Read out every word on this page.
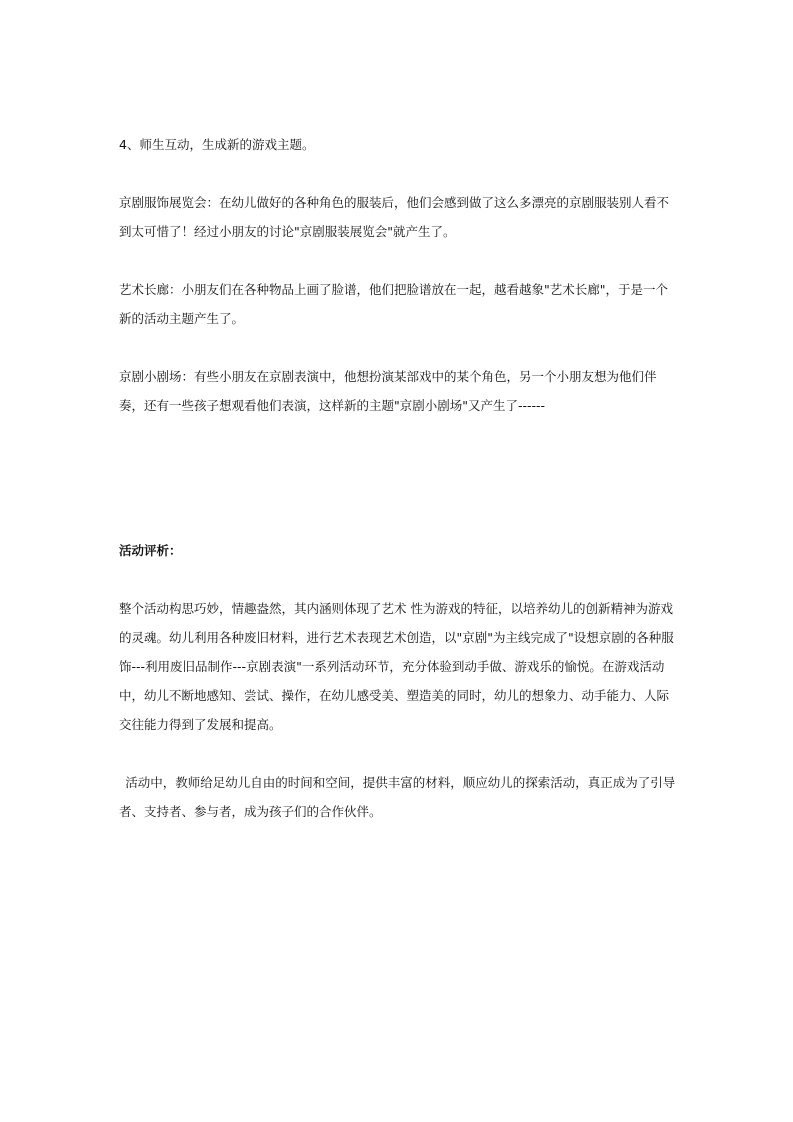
4、师生互动，生成新的游戏主题。

京剧服饰展览会：在幼儿做好的各种角色的服装后，他们会感到做了这么多漂亮的京剧服装别人看不到太可惜了！经过小朋友的讨论"京剧服装展览会"就产生了。

艺术长廊：小朋友们在各种物品上画了脸谱，他们把脸谱放在一起，越看越象"艺术长廊"，于是一个新的活动主题产生了。

京剧小剧场：有些小朋友在京剧表演中，他想扮演某部戏中的某个角色，另一个小朋友想为他们伴奏，还有一些孩子想观看他们表演，这样新的主题"京剧小剧场"又产生了------

活动评析：

整个活动构思巧妙，情趣盎然，其内涵则体现了艺术 性为游戏的特征，以培养幼儿的创新精神为游戏的灵魂。幼儿利用各种废旧材料，进行艺术表现艺术创造，以"京剧"为主线完成了"设想京剧的各种服饰---利用废旧品制作---京剧表演"一系列活动环节，充分体验到动手做、游戏乐的愉悦。在游戏活动中，幼儿不断地感知、尝试、操作，在幼儿感受美、塑造美的同时，幼儿的想象力、动手能力、人际交往能力得到了发展和提高。

活动中，教师给足幼儿自由的时间和空间，提供丰富的材料，顺应幼儿的探索活动，真正成为了引导者、支持者、参与者，成为孩子们的合作伙伴。
